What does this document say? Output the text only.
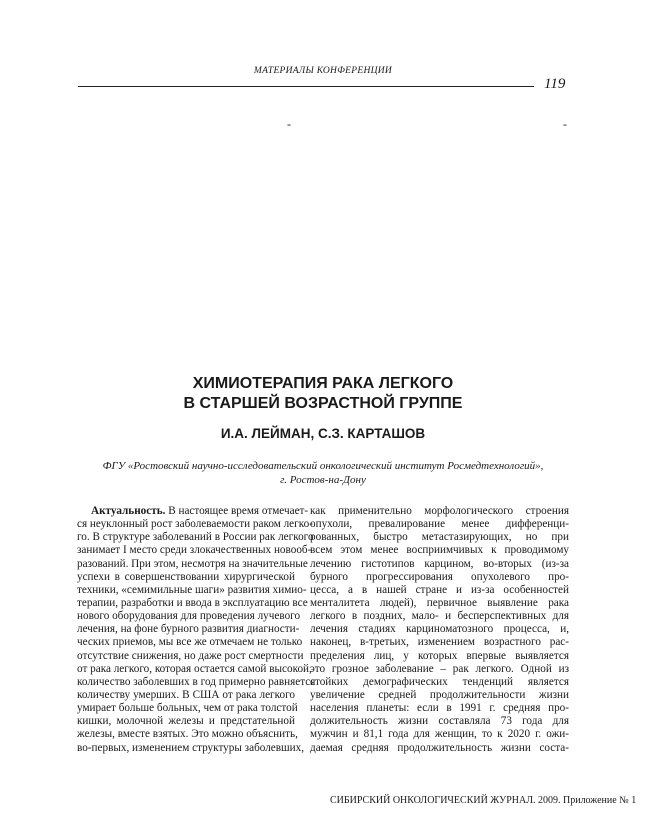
МАТЕРИАЛЫ КОНФЕРЕНЦИИ
119
-	-
ХИМИОТЕРАПИЯ РАКА ЛЕГКОГО
В СТАРШЕЙ ВОЗРАСТНОЙ ГРУППЕ
И.А. ЛЕЙМАН, С.З. КАРТАШОВ
ФГУ «Ростовский научно-исследовательский онкологический институт Росмедтехнологий»,
г. Ростов-на-Дону
Актуальность. В настоящее время отмечает-
ся неуклонный рост заболеваемости раком легко-
го. В структуре заболеваний в России рак легкого
занимает I место среди злокачественных новооб-
разований. При этом, несмотря на значительные
успехи в совершенствовании хирургической
техники, «семимильные шаги» развития химио-
терапии, разработки и ввода в эксплуатацию все
нового оборудования для проведения лучевого
лечения, на фоне бурного развития диагности-
ческих приемов, мы все же отмечаем не только
отсутствие снижения, но даже рост смертности
от рака легкого, которая остается самой высокой,
количество заболевших в год примерно равняется
количеству умерших. В США от рака легкого
умирает больше больных, чем от рака толстой
кишки, молочной железы и предстательной
железы, вместе взятых. Это можно объяснить,
во-первых, изменением структуры заболевших,
как применительно морфологического строения
опухоли, превалирование менее дифференци-
рованных, быстро метастазирующих, но при
всем этом менее восприимчивых к проводимому
лечению гистотипов карцином, во-вторых (из-за
бурного прогрессирования опухолевого про-
цесса, а в нашей стране и из-за особенностей
менталитета людей), первичное выявление рака
легкого в поздних, мало- и бесперспективных для
лечения стадиях карциноматозного процесса, и,
наконец, в-третьих, изменением возрастного рас-
пределения лиц, у которых впервые выявляется
это грозное заболевание – рак легкого. Одной из
стойких демографических тенденций является
увеличение средней продолжительности жизни
населения планеты: если в 1991 г. средняя про-
должительность жизни составляла 73 года для
мужчин и 81,1 года для женщин, то к 2020 г. ожи-
даемая средняя продолжительность жизни соста-
СИБИРСКИЙ ОНКОЛОГИЧЕСКИЙ ЖУРНАЛ. 2009. Приложение № 1
